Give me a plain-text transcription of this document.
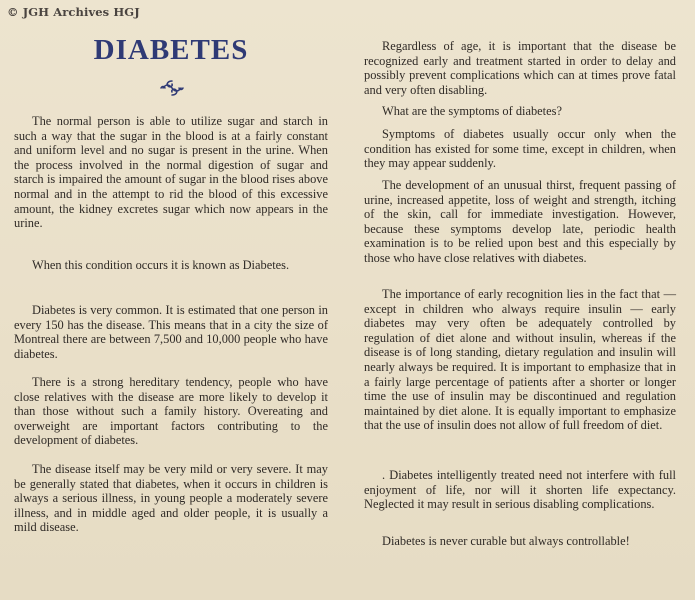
© JGH Archives HGJ
DIABETES

The normal person is able to utilize sugar and starch in such a way that the sugar in the blood is at a fairly constant and uniform level and no sugar is present in the urine. When the process involved in the normal digestion of sugar and starch is impaired the amount of sugar in the blood rises above normal and in the attempt to rid the blood of this excessive amount, the kidney excretes sugar which now appears in the urine.

When this condition occurs it is known as Diabetes.

Diabetes is very common. It is estimated that one person in every 150 has the disease. This means that in a city the size of Montreal there are between 7,500 and 10,000 people who have diabetes.

There is a strong hereditary tendency, people who have close relatives with the disease are more likely to develop it than those without such a family history. Overeating and overweight are important factors contributing to the development of diabetes.

The disease itself may be very mild or very severe. It may be generally stated that diabetes, when it occurs in children is always a serious illness, in young people a moderately severe illness, and in middle aged and older people, it is usually a mild disease.

Regardless of age, it is important that the disease be recognized early and treatment started in order to delay and possibly prevent complications which can at times prove fatal and very often disabling.

What are the symptoms of diabetes?

Symptoms of diabetes usually occur only when the condition has existed for some time, except in children, when they may appear suddenly.

The development of an unusual thirst, frequent passing of urine, increased appetite, loss of weight and strength, itching of the skin, call for immediate investigation. However, because these symptoms develop late, periodic health examination is to be relied upon best and this especially by those who have close relatives with diabetes.

The importance of early recognition lies in the fact that — except in children who always require insulin — early diabetes may very often be adequately controlled by regulation of diet alone and without insulin, whereas if the disease is of long standing, dietary regulation and insulin will nearly always be required. It is important to emphasize that in a fairly large percentage of patients after a shorter or longer time the use of insulin may be discontinued and regulation maintained by diet alone. It is equally important to emphasize that the use of insulin does not allow of full freedom of diet.

. Diabetes intelligently treated need not interfere with full enjoyment of life, nor will it shorten life expectancy. Neglected it may result in serious disabling complications.

Diabetes is never curable but always controllable!
